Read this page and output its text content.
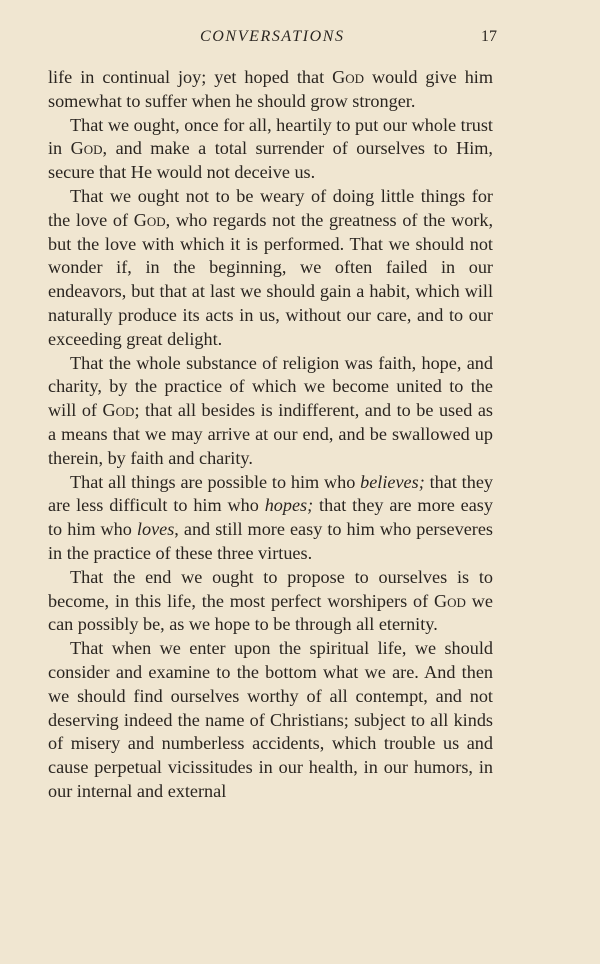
CONVERSATIONS	17

life in continual joy; yet hoped that God would give him somewhat to suffer when he should grow stronger.

That we ought, once for all, heartily to put our whole trust in God, and make a total surrender of ourselves to Him, secure that He would not deceive us.

That we ought not to be weary of doing little things for the love of God, who regards not the greatness of the work, but the love with which it is performed. That we should not wonder if, in the beginning, we often failed in our endeavors, but that at last we should gain a habit, which will naturally produce its acts in us, without our care, and to our exceeding great delight.

That the whole substance of religion was faith, hope, and charity, by the practice of which we become united to the will of God; that all besides is indifferent, and to be used as a means that we may arrive at our end, and be swallowed up therein, by faith and charity.

That all things are possible to him who believes; that they are less difficult to him who hopes; that they are more easy to him who loves, and still more easy to him who perseveres in the practice of these three virtues.

That the end we ought to propose to ourselves is to become, in this life, the most perfect worshipers of God we can possibly be, as we hope to be through all eternity.

That when we enter upon the spiritual life, we should consider and examine to the bottom what we are. And then we should find ourselves worthy of all contempt, and not deserving indeed the name of Christians; subject to all kinds of misery and numberless accidents, which trouble us and cause perpetual vicissitudes in our health, in our humors, in our internal and external
